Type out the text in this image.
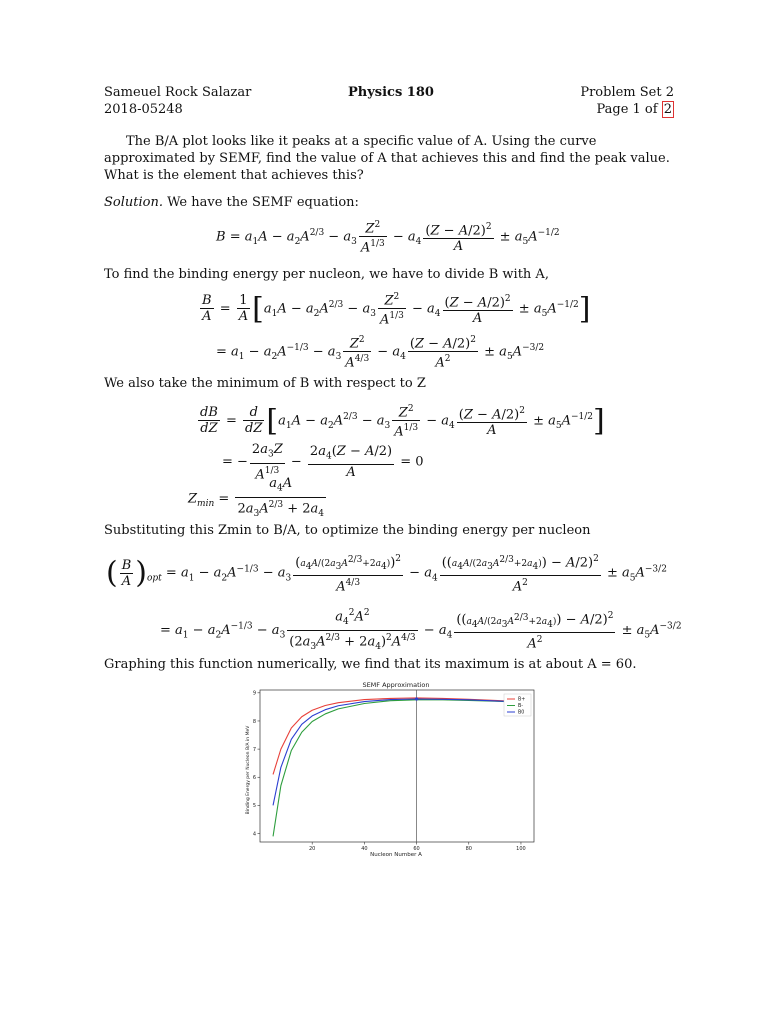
Sameuel Rock Salazar
2018-05248
Physics 180	Problem Set 2
Page 1 of 2
The B/A plot looks like it peaks at a specific value of A. Using the curve approximated by SEMF, find the value of A that achieves this and find the peak value. What is the element that achieves this?
Solution. We have the SEMF equation:
$B = a_1A - a_2A^{2/3} - a_3 \frac{Z^2}{A^{1/3}} - a_4 \frac{(Z - A/2)^2}{A} \pm a_5A^{-1/2}$
To find the binding energy per nucleon, we have to divide B with A,
$\frac{B}{A} = \frac{1}{A} [a_1A - a_2A^{2/3} - a_3 \frac{Z^2}{A^{1/3}} - a_4 \frac{(Z - A/2)^2}{A} \pm a_5A^{-1/2}]$
= $a_1 - a_2A^{-1/3} - a_3 \frac{Z^2}{A^{4/3}} - a_4 \frac{(Z - A/2)^2}{A^2} \pm a_5A^{-3/2}$
We also take the minimum of B with respect to Z
$\frac{dB}{dZ} = \frac{d}{dZ} [a_1A - a_2A^{2/3} - a_3 \frac{Z^2}{A^{1/3}} - a_4 \frac{(Z - A/2)^2}{A} \pm a_5A^{-1/2}]$
= − $\frac{2a_3Z}{A^{1/3}} - \frac{2a_4(Z - A/2)}{A} = 0$
$Z_{min} = \frac{a_4A}{2a_3A^{2/3} + 2a_4}$
Substituting this Zmin to B/A, to optimize the binding energy per nucleon
( $\frac{B}{A} )_{opt} = a_1 - a_2A^{-1/3} - a_3 \frac{(a_4A/(2a_3A^{2/3}+2a_4))^2}{A^{4/3}} - a_4 \frac{((a_4A/(2a_3A^{2/3}+2a_4)) - A/2)^2}{A^2} \pm a_5A^{-3/2}$
= $a_1 - a_2A^{-1/3} - a_3 \frac{a_4^2A^2}{(2a_3A^{2/3} + 2a_4)^2A^{4/3}} - a_4 \frac{((a_4A/(2a_3A^{2/3}+2a_4)) - A/2)^2}{A^2} \pm a_5A^{-3/2}$
Graphing this function numerically, we find that its maximum is at about A = 60.
SEMF Approximation
20	40	60	80	100
4
5
6
7
8
9
B+
B-
B0
Nucleon Number A
Binding Energy per Nucleon B/A in MeV
